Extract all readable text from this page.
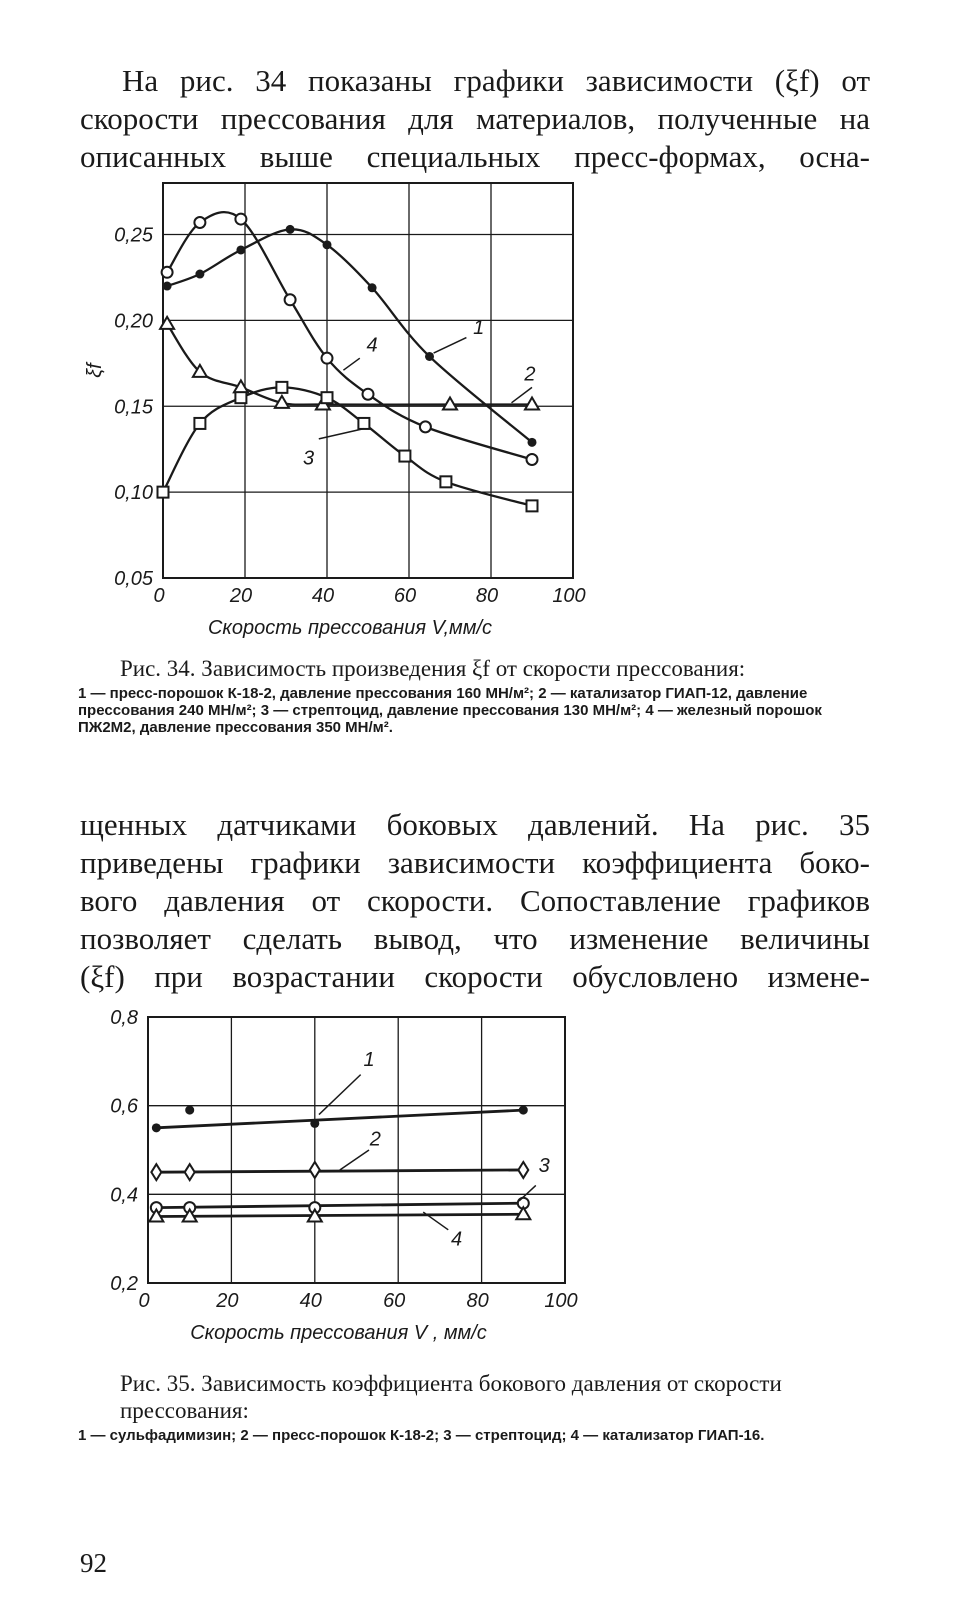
На рис. 34 показаны графики зависимости (ξf) от
скорости прессования для материалов, полученные на
описанных выше специальных пресс-формах, осна-
0	20	40	60	80	100
0,05
0,10
0,15
0,20
0,25
Скорость прессования V,мм/с
ξf
1
2
3
4
Рис. 34. Зависимость произведения ξf от скорости прессования:
1 — пресс-порошок К-18-2, давление прессования 160 МН/м²; 2 — катализатор ГИАП-12, давление прессования 240 МН/м²; 3 — стрептоцид, давление прессования 130 МН/м²; 4 — железный порошок ПЖ2М2, давление прессования 350 МН/м².
щенных датчиками боковых давлений. На рис. 35
приведены графики зависимости коэффициента боко-
вого давления от скорости. Сопоставление графиков
позволяет сделать вывод, что изменение величины
(ξf) при возрастании скорости обусловлено измене-
0	20	40	60	80	100
0,2
0,4
0,6
0,8
Скорость прессования V , мм/с
1
2
3
4
Рис. 35. Зависимость коэффициента бокового давления от скорости прессования:
1 — сульфадимизин; 2 — пресс-порошок К-18-2; 3 — стрептоцид; 4 — катализатор ГИАП-16.
92
